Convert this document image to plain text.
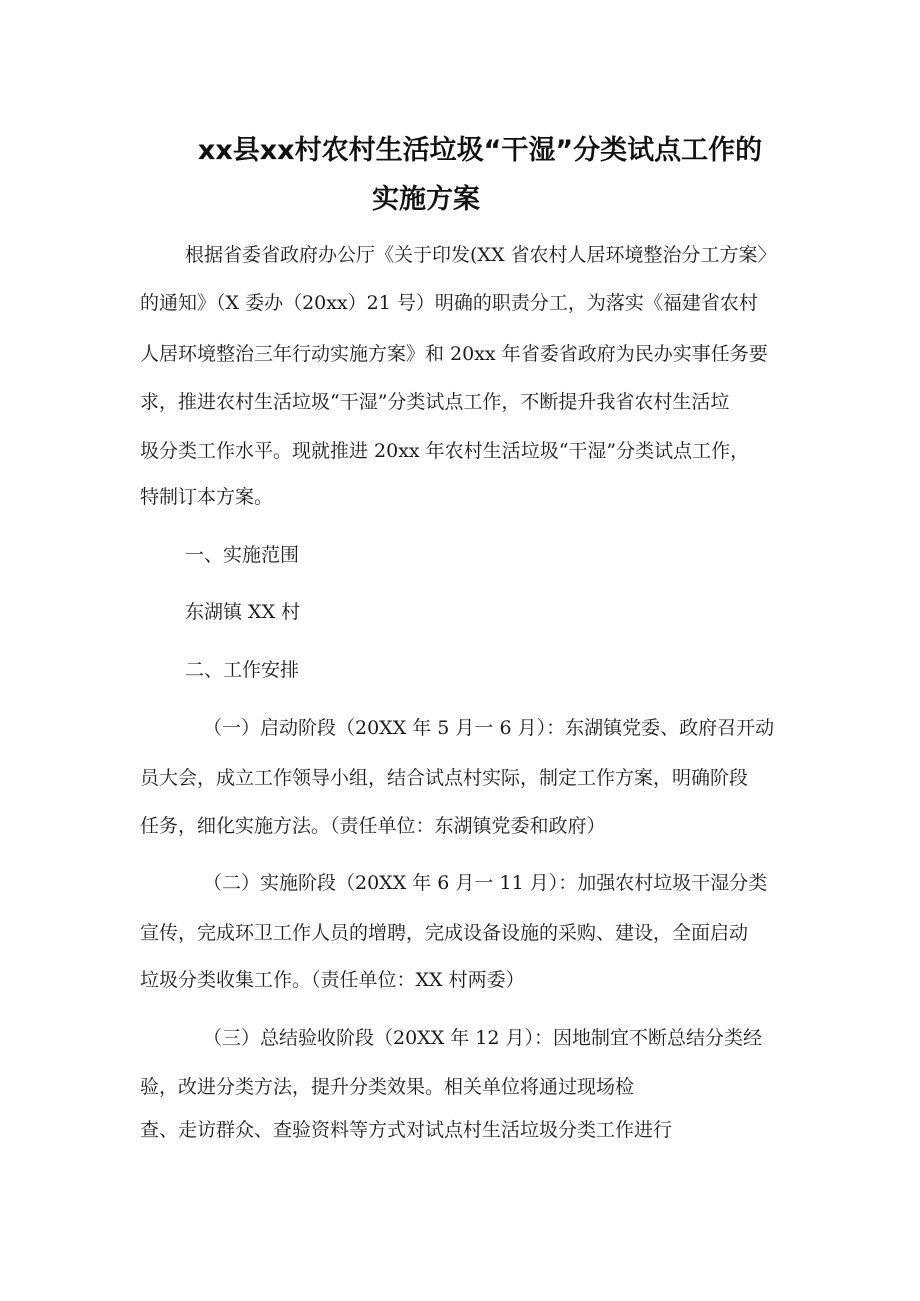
xx县xx村农村生活垃圾“干湿”分类试点工作的
实施方案
根据省委省政府办公厅《关于印发(XX 省农村人居环境整治分工方案〉
的通知》（X 委办（20xx）21 号）明确的职责分工，为落实《福建省农村
人居环境整治三年行动实施方案》和 20xx 年省委省政府为民办实事任务要
求，推进农村生活垃圾“干湿”分类试点工作，不断提升我省农村生活垃
圾分类工作水平。现就推进 20xx 年农村生活垃圾“干湿”分类试点工作，
特制订本方案。
一、实施范围
东湖镇 XX 村
二、工作安排
（一）启动阶段（20XX 年 5 月一 6 月）：东湖镇党委、政府召开动
员大会，成立工作领导小组，结合试点村实际，制定工作方案，明确阶段
任务，细化实施方法。（责任单位：东湖镇党委和政府）
（二）实施阶段（20XX 年 6 月一 11 月）：加强农村垃圾干湿分类
宣传，完成环卫工作人员的增聘，完成设备设施的采购、建设，全面启动
垃圾分类收集工作。（责任单位：XX 村两委）
（三）总结验收阶段（20XX 年 12 月）：因地制宜不断总结分类经
验，改进分类方法，提升分类效果。相关单位将通过现场检
查、走访群众、查验资料等方式对试点村生活垃圾分类工作进行
